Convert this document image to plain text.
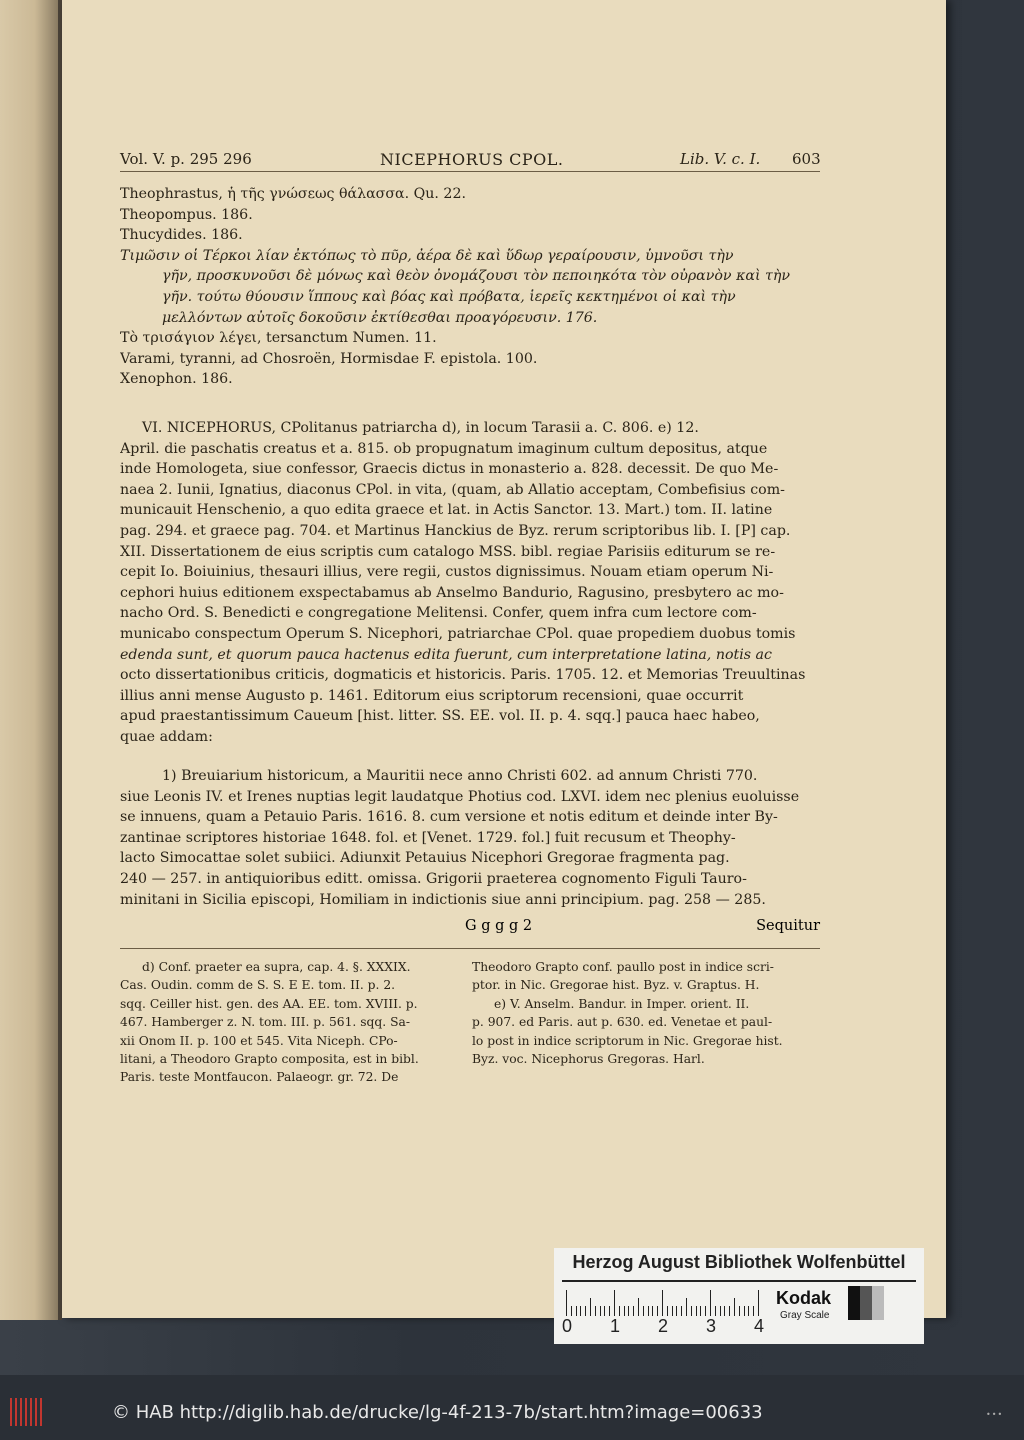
Vol. V. p. 295 296	NICEPHORUS CPOL.	Lib. V. c. I. 603
Theophrastus, ἡ τῆς γνώσεως θάλασσα. Qu. 22.
Theopompus. 186.
Thucydides. 186.
Τιμῶσιν οἱ Τέρκοι λίαν ἐκτόπως τὸ πῦρ, ἀέρα δὲ καὶ ὕδωρ γεραίρουσιν, ὑμνοῦσι τὴν
γῆν, προσκυνοῦσι δὲ μόνως καὶ θεὸν ὀνομάζουσι τὸν πεποιηκότα τὸν οὐρανὸν καὶ τὴν
γῆν. τούτω θύουσιν ἵππους καὶ βόας καὶ πρόβατα, ἱερεῖς κεκτημένοι οἱ καὶ τὴν
μελλόντων αὐτοῖς δοκοῦσιν ἐκτίθεσθαι προαγόρευσιν. 176.
Τὸ τρισάγιον λέγει, tersanctum Numen. 11.
Varami, tyranni, ad Chosroën, Hormisdae F. epistola. 100.
Xenophon. 186.
VI. NICEPHORUS, CPolitanus patriarcha d), in locum Tarasii a. C. 806. e) 12.
April. die paschatis creatus et a. 815. ob propugnatum imaginum cultum depositus, atque
inde Homologeta, siue confessor, Graecis dictus in monasterio a. 828. decessit. De quo Me-
naea 2. Iunii, Ignatius, diaconus CPol. in vita, (quam, ab Allatio acceptam, Combefisius com-
municauit Henschenio, a quo edita graece et lat. in Actis Sanctor. 13. Mart.) tom. II. latine
pag. 294. et graece pag. 704. et Martinus Hanckius de Byz. rerum scriptoribus lib. I. [P] cap.
XII. Dissertationem de eius scriptis cum catalogo MSS. bibl. regiae Parisiis editurum se re-
cepit Io. Boiuinius, thesauri illius, vere regii, custos dignissimus. Nouam etiam operum Ni-
cephori huius editionem exspectabamus ab Anselmo Bandurio, Ragusino, presbytero ac mo-
nacho Ord. S. Benedicti e congregatione Melitensi. Confer, quem infra cum lectore com-
municabo conspectum Operum S. Nicephori, patriarchae CPol. quae propediem duobus tomis
edenda sunt, et quorum pauca hactenus edita fuerunt, cum interpretatione latina, notis ac
octo dissertationibus criticis, dogmaticis et historicis. Paris. 1705. 12. et Memorias Treuultinas
illius anni mense Augusto p. 1461. Editorum eius scriptorum recensioni, quae occurrit
apud praestantissimum Caueum [hist. litter. SS. EE. vol. II. p. 4. sqq.] pauca haec habeo,
quae addam:
1) Breuiarium historicum, a Mauritii nece anno Christi 602. ad annum Christi 770.
siue Leonis IV. et Irenes nuptias legit laudatque Photius cod. LXVI. idem nec plenius euoluisse
se innuens, quam a Petauio Paris. 1616. 8. cum versione et notis editum et deinde inter By-
zantinae scriptores historiae 1648. fol. et [Venet. 1729. fol.] fuit recusum et Theophy-
lacto Simocattae solet subiici. Adiunxit Petauius Nicephori Gregorae fragmenta pag.
240 — 257. in antiquioribus editt. omissa. Grigorii praeterea cognomento Figuli Tauro-
minitani in Sicilia episcopi, Homiliam in indictionis siue anni principium. pag. 258 — 285.
G g g g 2	Sequitur
d) Conf. praeter ea supra, cap. 4. §. XXXIX.
Cas. Oudin. comm de S. S. E E. tom. II. p. 2.
sqq. Ceiller hist. gen. des AA. EE. tom. XVIII. p.
467. Hamberger z. N. tom. III. p. 561. sqq. Sa-
xii Onom II. p. 100 et 545. Vita Niceph. CPo-
litani, a Theodoro Grapto composita, est in bibl.
Paris. teste Montfaucon. Palaeogr. gr. 72. De
Theodoro Grapto conf. paullo post in indice scri-
ptor. in Nic. Gregorae hist. Byz. v. Graptus. H.
e) V. Anselm. Bandur. in Imper. orient. II.
p. 907. ed Paris. aut p. 630. ed. Venetae et paul-
lo post in indice scriptorum in Nic. Gregorae hist.
Byz. voc. Nicephorus Gregoras. Harl.
Herzog August Bibliothek Wolfenbüttel
0 1 2 3 4
Kodak
Gray Scale
© HAB http://diglib.hab.de/drucke/lg-4f-213-7b/start.htm?image=00633	•••
